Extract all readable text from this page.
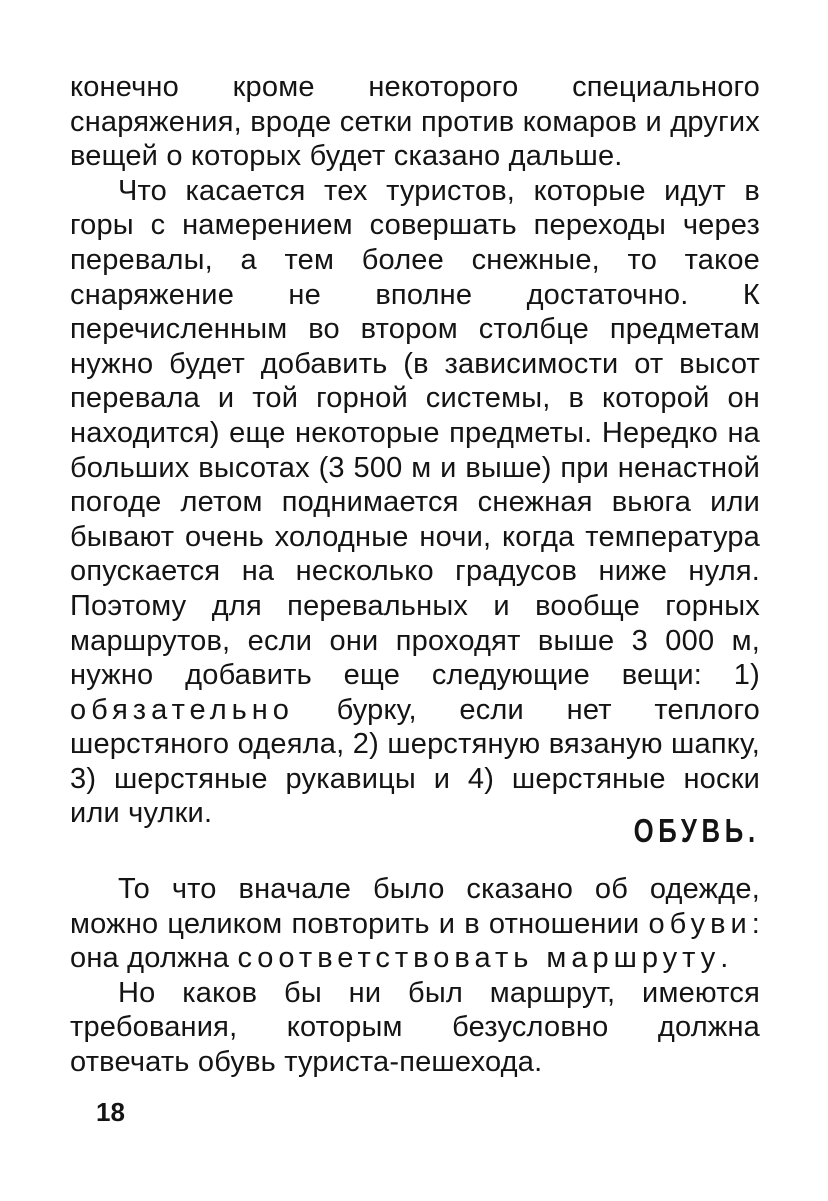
конечно кроме некоторого специального снаряжения, вроде сетки против комаров и других вещей о которых будет сказано дальше.

Что касается тех туристов, которые идут в горы с намерением совершать переходы через перевалы, а тем более снежные, то такое снаряжение не вполне достаточно. К перечисленным во втором столбце предметам нужно будет добавить (в зависимости от высот перевала и той горной системы, в которой он находится) еще некоторые предметы. Нередко на больших высотах (3 500 м и выше) при ненастной погоде летом поднимается снежная вьюга или бывают очень холодные ночи, когда температура опускается на несколько градусов ниже нуля. Поэтому для перевальных и вообще горных маршрутов, если они проходят выше 3 000 м, нужно добавить еще следующие вещи: 1) обязательно бурку, если нет теплого шерстяного одеяла, 2) шерстяную вязаную шапку, 3) шерстяные рукавицы и 4) шерстяные носки или чулки.	ОБУВЬ.

То что вначале было сказано об одежде, можно целиком повторить и в отношении обуви: она должна соответствовать маршруту.

Но каков бы ни был маршрут, имеются требования, которым безусловно должна отвечать обувь туриста-пешехода.

18
